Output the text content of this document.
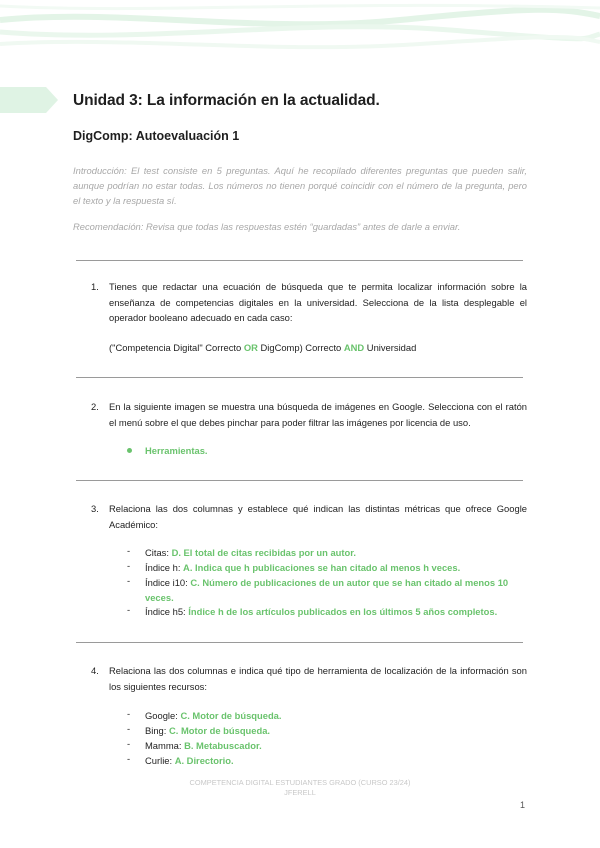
Unidad 3: La información en la actualidad.
DigComp: Autoevaluación 1
Introducción: El test consiste en 5 preguntas. Aquí he recopilado diferentes preguntas que pueden salir, aunque podrían no estar todas. Los números no tienen porqué coincidir con el número de la pregunta, pero el texto y la respuesta sí.
Recomendación: Revisa que todas las respuestas estén “guardadas” antes de darle a enviar.
1. Tienes que redactar una ecuación de búsqueda que te permita localizar información sobre la enseñanza de competencias digitales en la universidad. Selecciona de la lista desplegable el operador booleano adecuado en cada caso:
("Competencia Digital" Correcto OR DigComp) Correcto AND Universidad
2. En la siguiente imagen se muestra una búsqueda de imágenes en Google. Selecciona con el ratón el menú sobre el que debes pinchar para poder filtrar las imágenes por licencia de uso.
Herramientas.
3. Relaciona las dos columnas y establece qué indican las distintas métricas que ofrece Google Académico:
- Citas: D. El total de citas recibidas por un autor.
- Índice h: A. Indica que h publicaciones se han citado al menos h veces.
- Índice i10: C. Número de publicaciones de un autor que se han citado al menos 10 veces.
- Índice h5: Índice h de los artículos publicados en los últimos 5 años completos.
4. Relaciona las dos columnas e indica qué tipo de herramienta de localización de la información son los siguientes recursos:
- Google: C. Motor de búsqueda.
- Bing: C. Motor de búsqueda.
- Mamma: B. Metabuscador.
- Curlie: A. Directorio.
COMPETENCIA DIGITAL ESTUDIANTES GRADO (CURSO 23/24)
JFERELL
1
